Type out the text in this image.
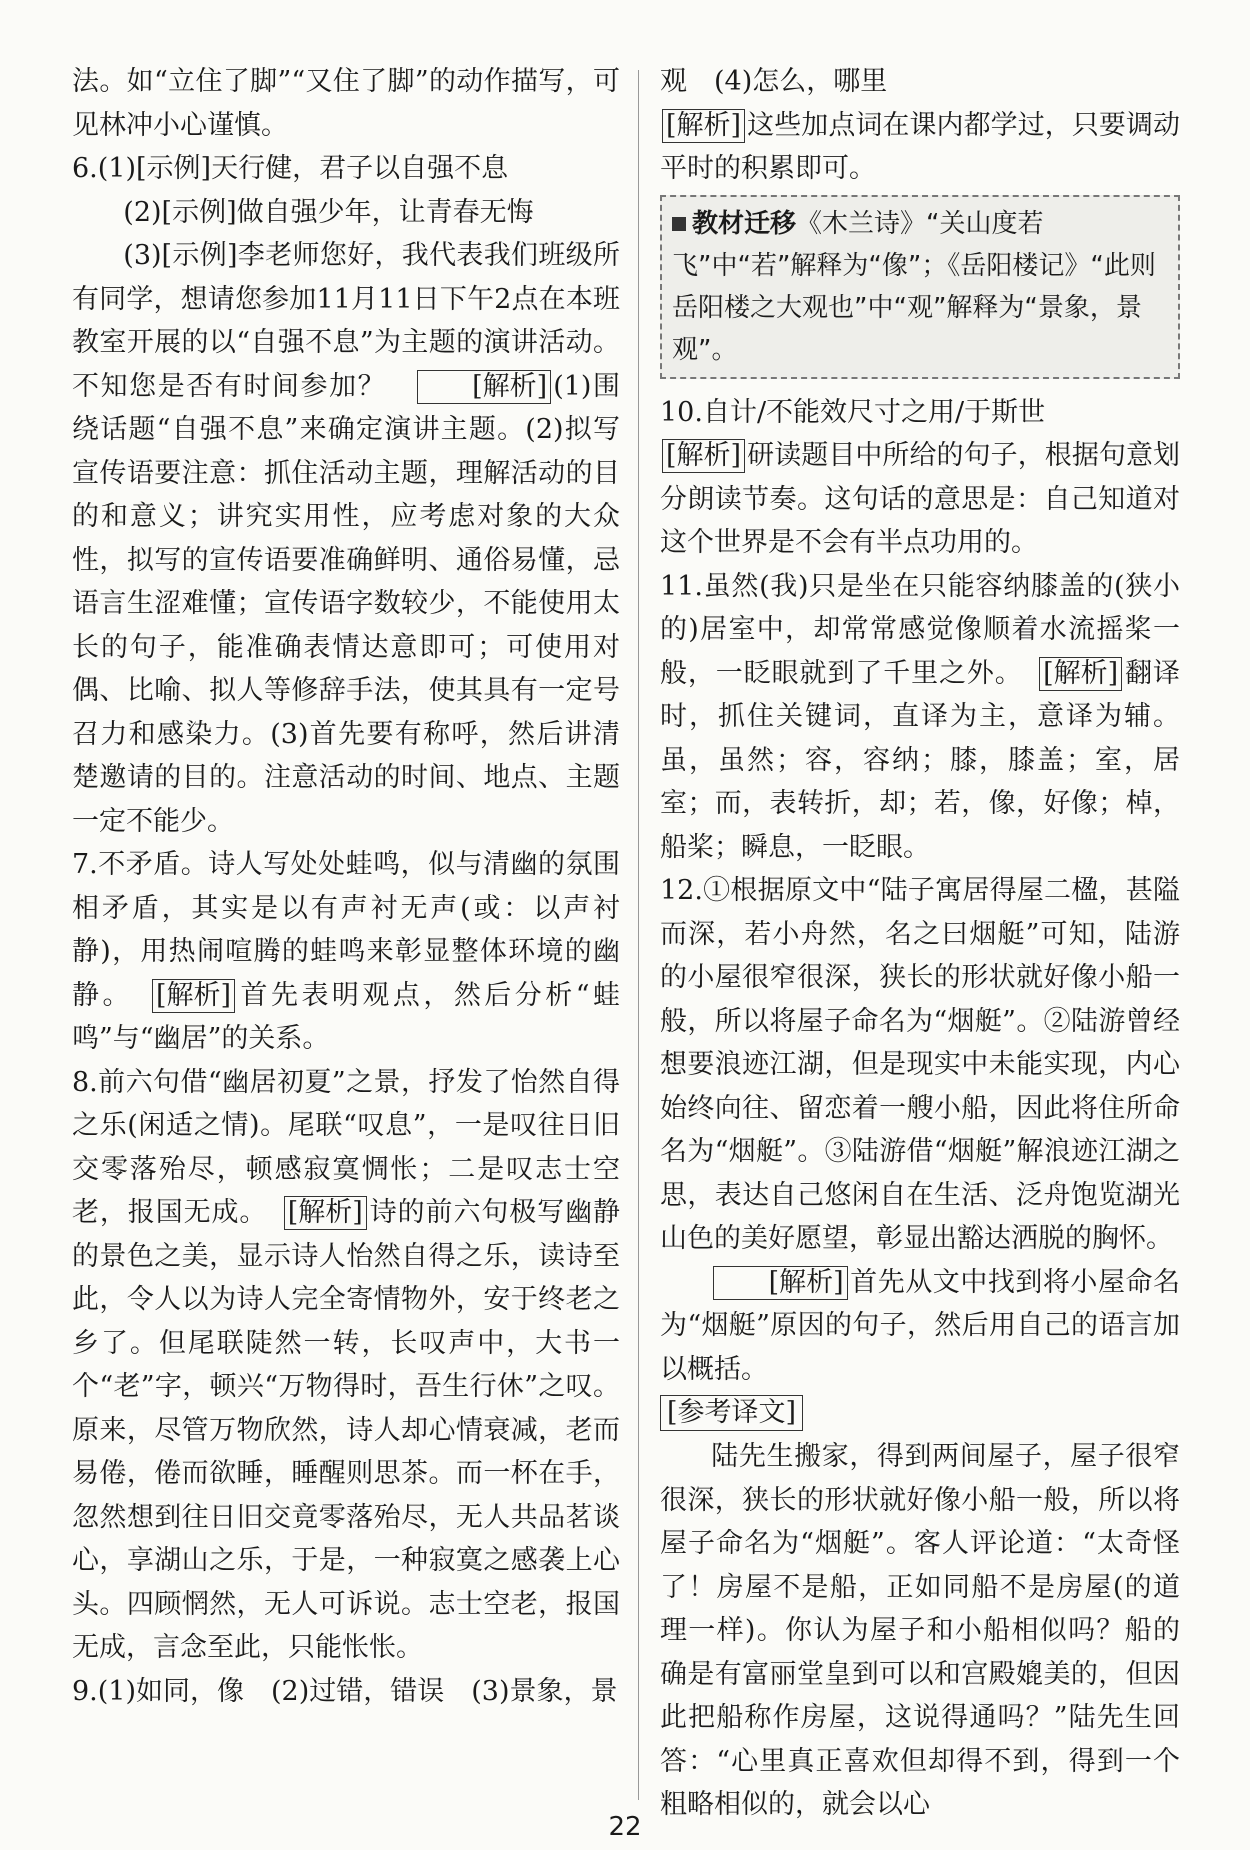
法。如“立住了脚”“又住了脚”的动作描写，可见林冲小心谨慎。

6.(1)[示例]天行健，君子以自强不息

(2)[示例]做自强少年，让青春无悔

(3)[示例]李老师您好，我代表我们班级所有同学，想请您参加11月11日下午2点在本班教室开展的以“自强不息”为主题的演讲活动。不知您是否有时间参加？　	[ 解析 ] (1)围绕话题“自强不息”来确定演讲主题。(2)拟写宣传语要注意：抓住活动主题，理解活动的目的和意义；讲究实用性，应考虑对象的大众性，拟写的宣传语要准确鲜明、通俗易懂，忌语言生涩难懂；宣传语字数较少，不能使用太长的句子，能准确表情达意即可；可使用对偶、比喻、拟人等修辞手法，使其具有一定号召力和感染力。(3)首先要有称呼，然后讲清楚邀请的目的。注意活动的时间、地点、主题一定不能少。

7.不矛盾。诗人写处处蛙鸣，似与清幽的氛围相矛盾，其实是以有声衬无声(或：以声衬静)，用热闹喧腾的蛙鸣来彰显整体环境的幽静。　 [ 解析 ] 首先表明观点，然后分析“蛙鸣”与“幽居”的关系。

8.前六句借“幽居初夏”之景，抒发了怡然自得之乐(闲适之情)。尾联“叹息”，一是叹往日旧交零落殆尽，顿感寂寞惆怅；二是叹志士空老，报国无成。　 [ 解析 ] 诗的前六句极写幽静的景色之美，显示诗人怡然自得之乐，读诗至此，令人以为诗人完全寄情物外，安于终老之乡了。但尾联陡然一转，长叹声中，大书一个“老”字，顿兴“万物得时，吾生行休”之叹。原来，尽管万物欣然，诗人却心情衰减，老而易倦，倦而欲睡，睡醒则思茶。而一杯在手，忽然想到往日旧交竟零落殆尽，无人共品茗谈心，享湖山之乐，于是，一种寂寞之感袭上心头。四顾惘然，无人可诉说。志士空老，报国无成，言念至此，只能怅怅。

9.(1)如同，像　(2)过错，错误　(3)景象，景

观　(4)怎么，哪里

[ 解析 ] 这些加点词在课内都学过，只要调动平时的积累即可。

教材迁移《木兰诗》“关山度若飞”中“若”解释为“像”；《岳阳楼记》“此则岳阳楼之大观也”中“观”解释为“景象，景观”。

10.自计/不能效尺寸之用/于斯世

[ 解析 ] 研读题目中所给的句子，根据句意划分朗读节奏。这句话的意思是：自己知道对这个世界是不会有半点功用的。

11.虽然(我)只是坐在只能容纳膝盖的(狭小的)居室中，却常常感觉像顺着水流摇桨一般，一眨眼就到了千里之外。　 [ 解析 ] 翻译时，抓住关键词，直译为主，意译为辅。虽，虽然；容，容纳；膝，膝盖；室，居室；而，表转折，却；若，像，好像；棹，船桨；瞬息，一眨眼。

12.①根据原文中“陆子寓居得屋二楹，甚隘而深，若小舟然，名之曰烟艇”可知，陆游的小屋很窄很深，狭长的形状就好像小船一般，所以将屋子命名为“烟艇”。②陆游曾经想要浪迹江湖，但是现实中未能实现，内心始终向往、留恋着一艘小船，因此将住所命名为“烟艇”。③陆游借“烟艇”解浪迹江湖之思，表达自己悠闲自在生活、泛舟饱览湖光山色的美好愿望，彰显出豁达洒脱的胸怀。

[ 解析 ] 首先从文中找到将小屋命名为“烟艇”原因的句子，然后用自己的语言加以概括。

[参考译文]

陆先生搬家，得到两间屋子，屋子很窄很深，狭长的形状就好像小船一般，所以将屋子命名为“烟艇”。客人评论道：“太奇怪了！房屋不是船，正如同船不是房屋(的道理一样)。你认为屋子和小船相似吗？船的确是有富丽堂皇到可以和宫殿媲美的，但因此把船称作房屋，这说得通吗？”陆先生回答：“心里真正喜欢但却得不到，得到一个粗略相似的，就会以心

22
